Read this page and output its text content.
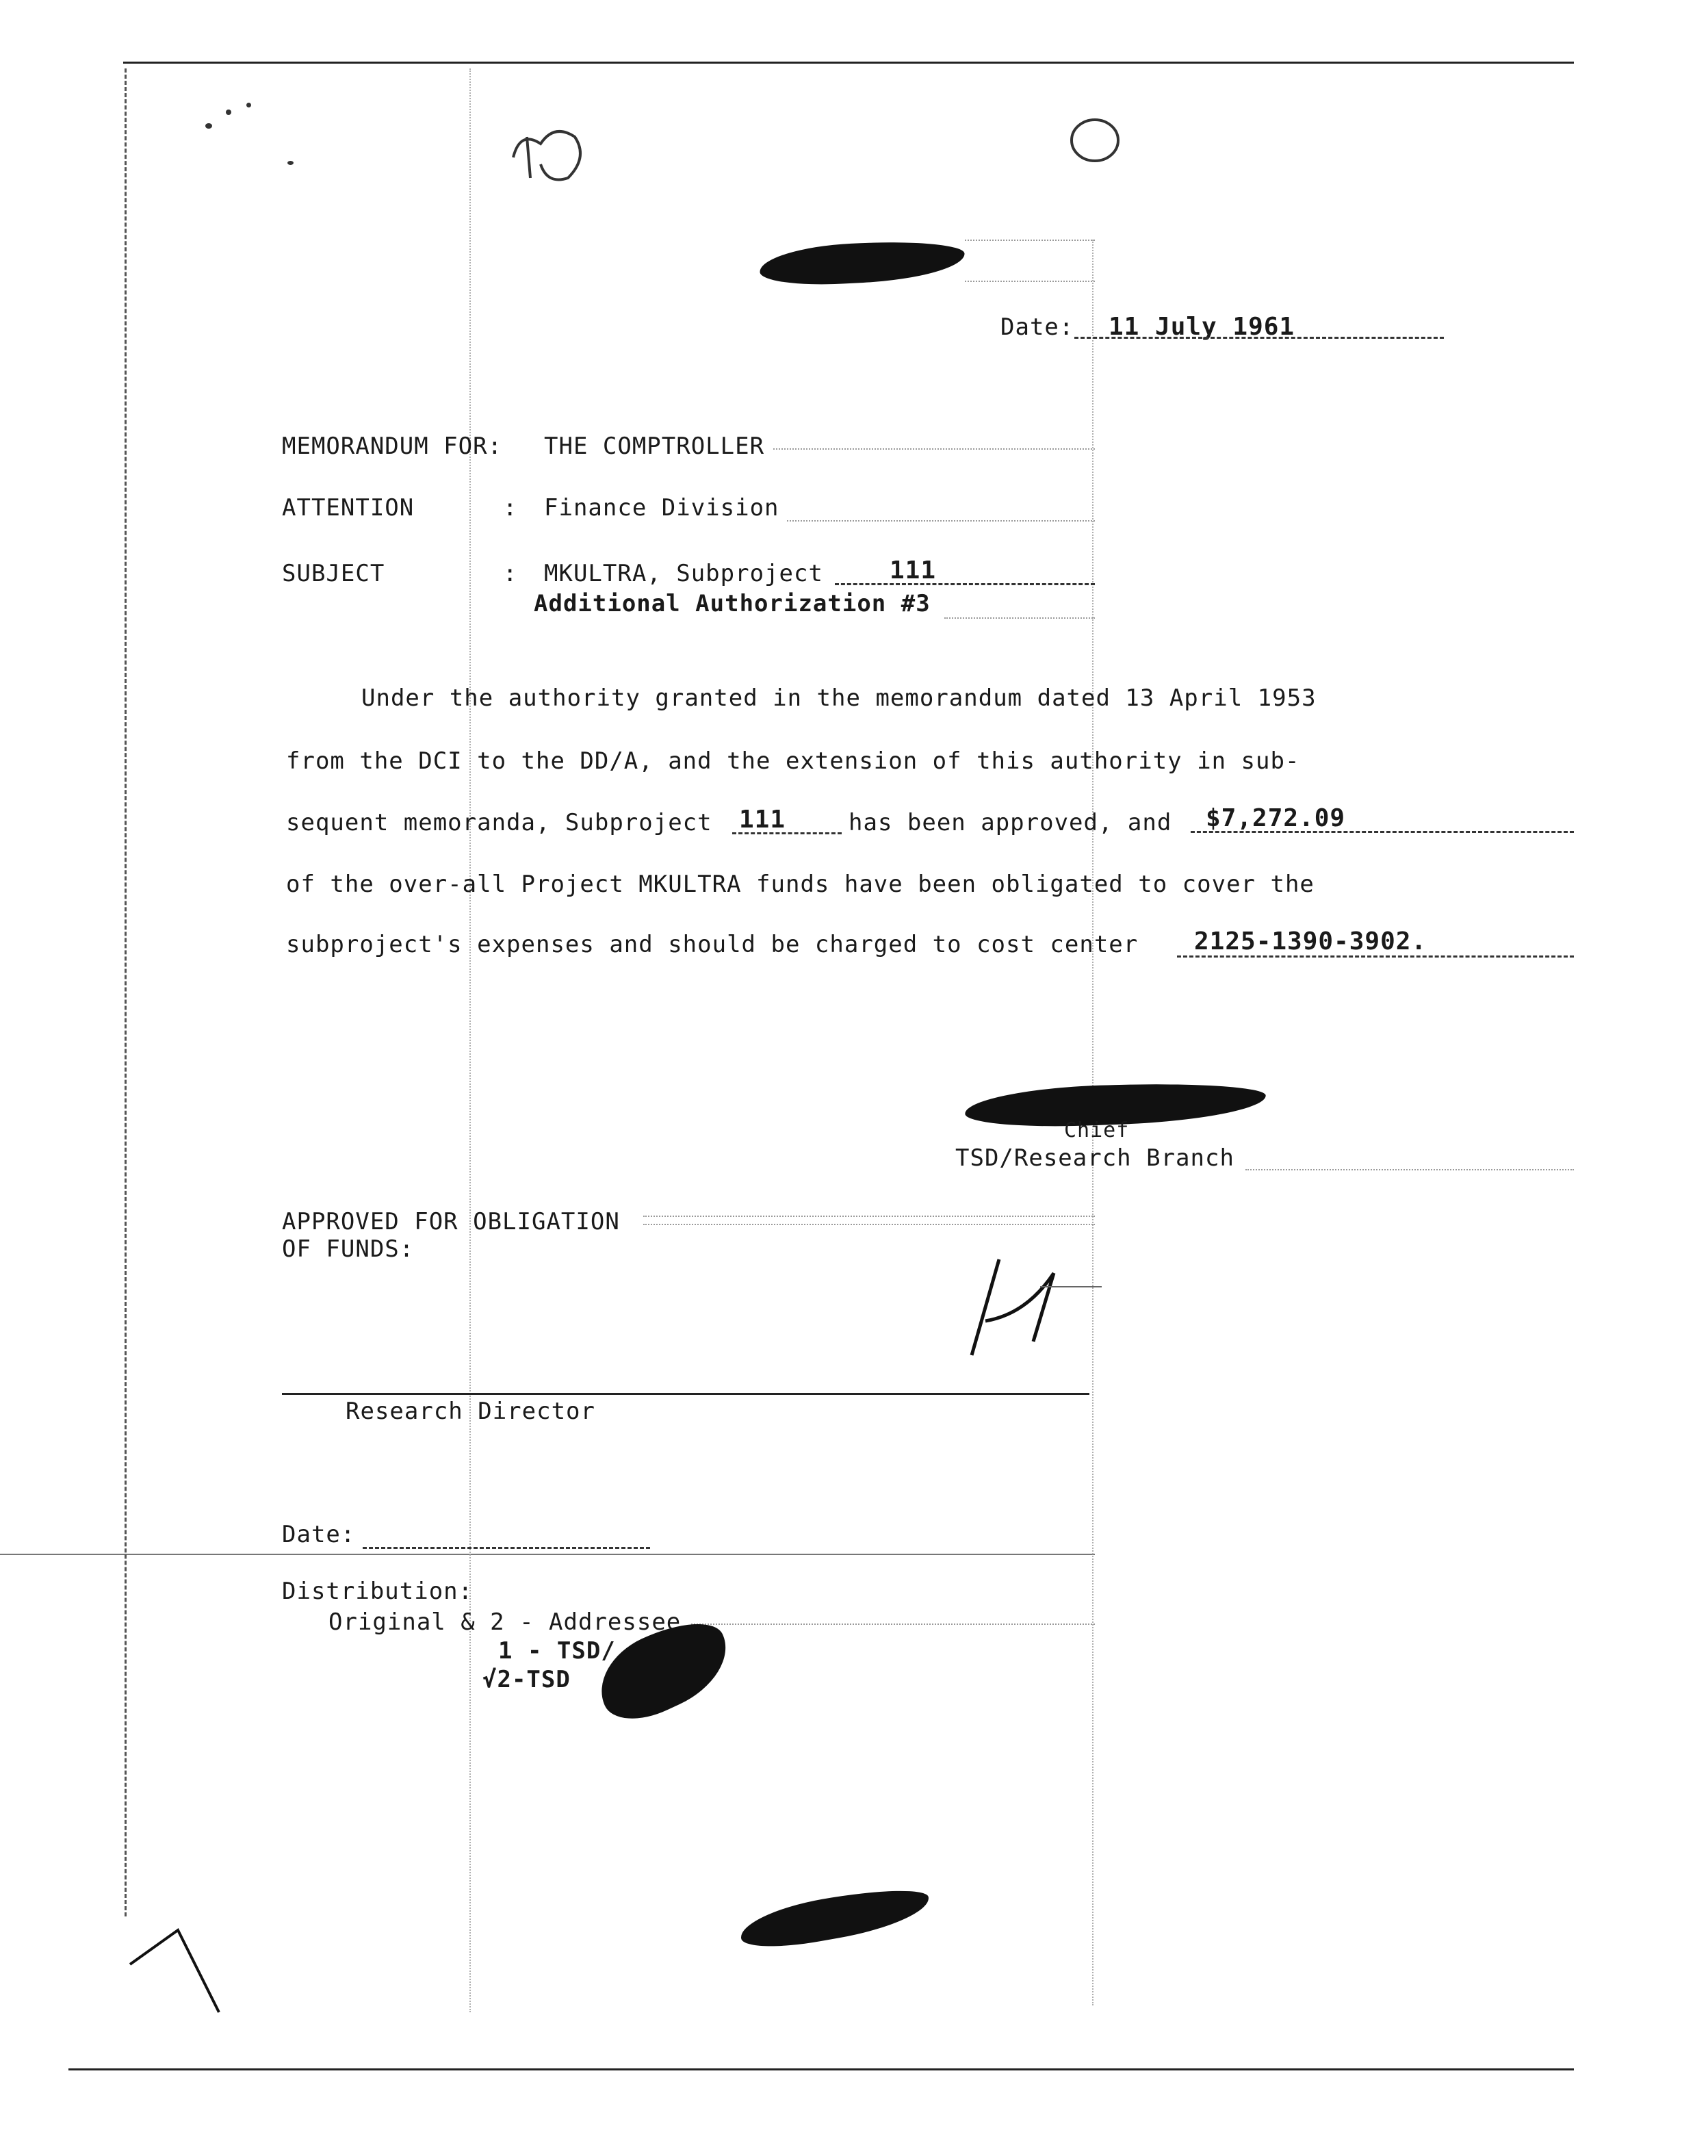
Date: 11 July 1961
MEMORANDUM FOR: THE COMPTROLLER
ATTENTION	: Finance Division
SUBJECT	: MKULTRA, Subproject	111
Additional Authorization #3
Under the authority granted in the memorandum dated 13 April 1953
from the DCI to the DD/A, and the extension of this authority in sub-
sequent memoranda, Subproject 111	has been approved, and $7,272.09
of the over-all Project MKULTRA funds have been obligated to cover the
subproject's expenses and should be charged to cost center 2125-1390-3902.
Chief
TSD/Research Branch
APPROVED FOR OBLIGATION
OF FUNDS:
Research Director
Date:
Distribution:
Original & 2 - Addressee
1 - TSD/
√2-TSD
